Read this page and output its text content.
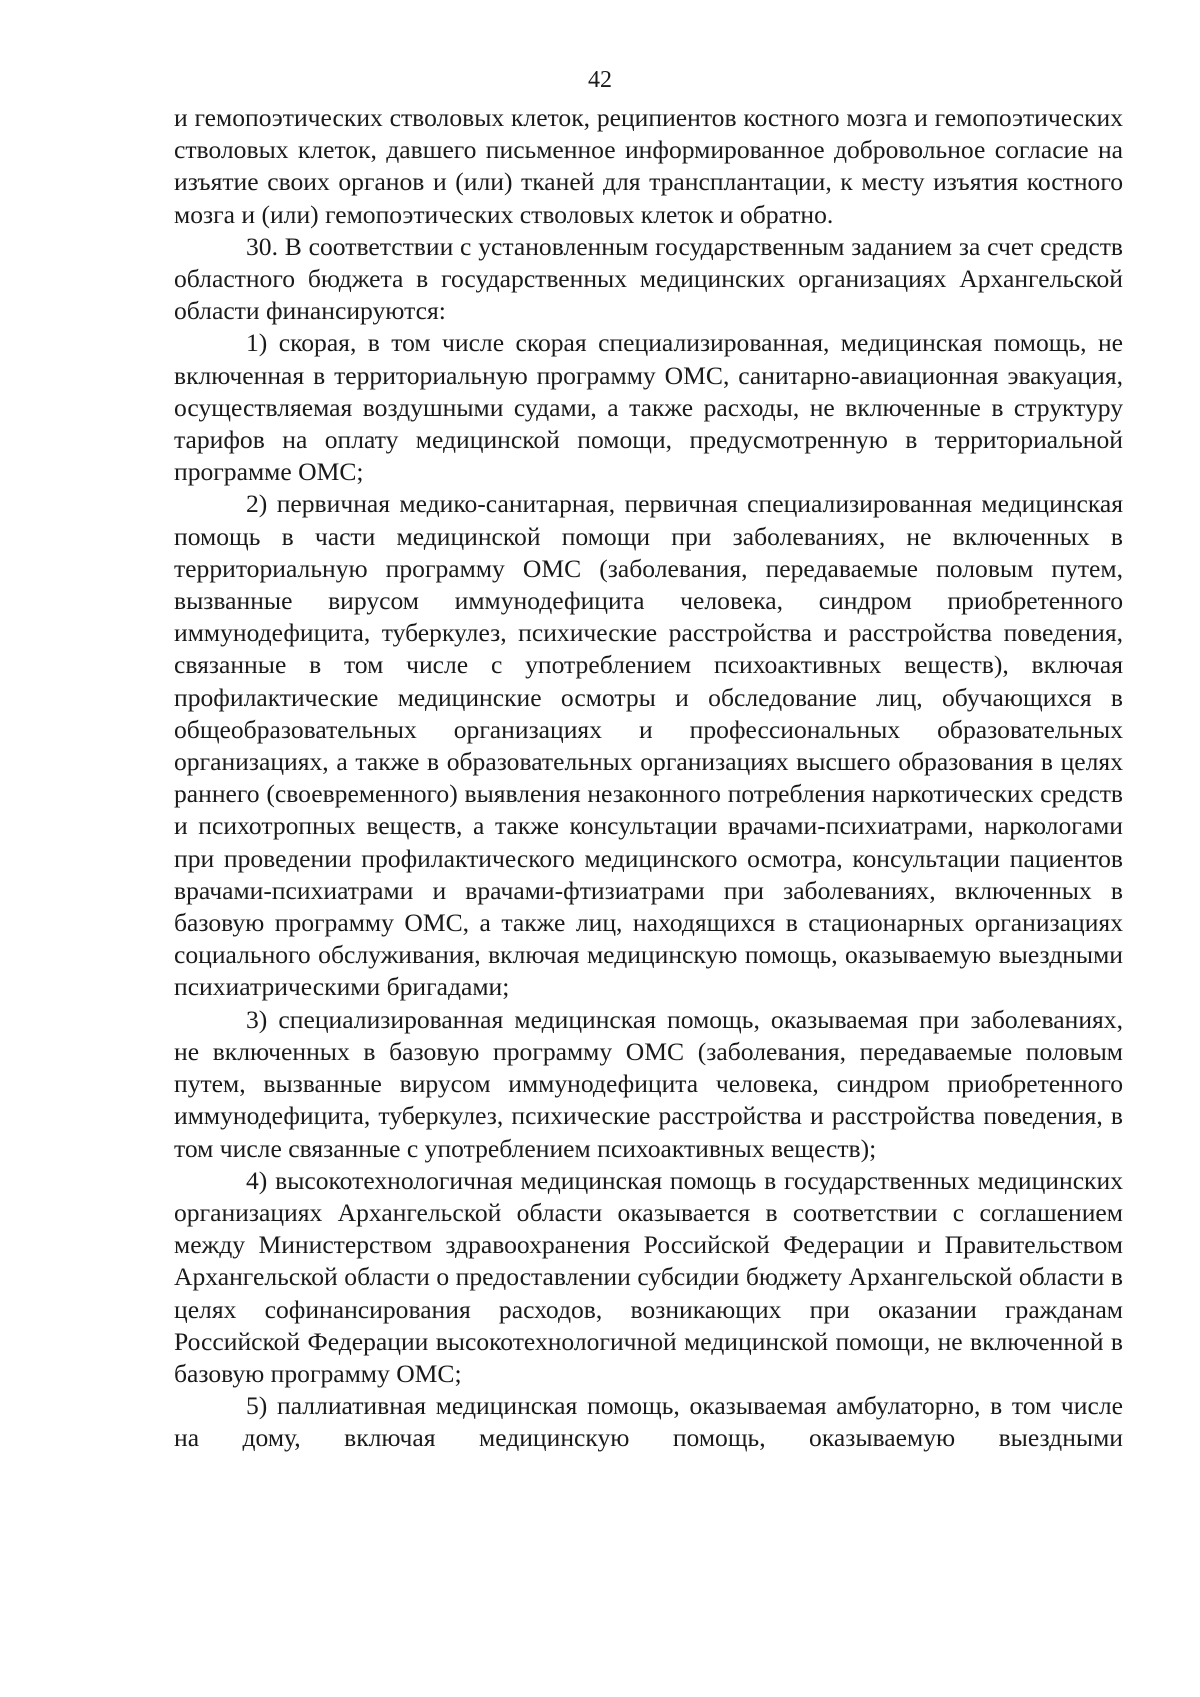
42

и гемопоэтических стволовых клеток, реципиентов костного мозга и гемопоэтических стволовых клеток, давшего письменное информированное добровольное согласие на изъятие своих органов и (или) тканей для трансплантации, к месту изъятия костного мозга и (или) гемопоэтических стволовых клеток и обратно.

30. В соответствии с установленным государственным заданием за счет средств областного бюджета в государственных медицинских организациях Архангельской области финансируются:

1) скорая, в том числе скорая специализированная, медицинская помощь, не включенная в территориальную программу ОМС, санитарно-авиационная эвакуация, осуществляемая воздушными судами, а также расходы, не включенные в структуру тарифов на оплату медицинской помощи, предусмотренную в территориальной программе ОМС;

2) первичная медико-санитарная, первичная специализированная медицинская помощь в части медицинской помощи при заболеваниях, не включенных в территориальную программу ОМС (заболевания, передаваемые половым путем, вызванные вирусом иммунодефицита человека, синдром приобретенного иммунодефицита, туберкулез, психические расстройства и расстройства поведения, связанные в том числе с употреблением психоактивных веществ), включая профилактические медицинские осмотры и обследование лиц, обучающихся в общеобразовательных организациях и профессиональных образовательных организациях, а также в образовательных организациях высшего образования в целях раннего (своевременного) выявления незаконного потребления наркотических средств и психотропных веществ, а также консультации врачами-психиатрами, наркологами при проведении профилактического медицинского осмотра, консультации пациентов врачами-психиатрами и врачами-фтизиатрами при заболеваниях, включенных в базовую программу ОМС, а также лиц, находящихся в стационарных организациях социального обслуживания, включая медицинскую помощь, оказываемую выездными психиатрическими бригадами;

3) специализированная медицинская помощь, оказываемая при заболеваниях, не включенных в базовую программу ОМС (заболевания, передаваемые половым путем, вызванные вирусом иммунодефицита человека, синдром приобретенного иммунодефицита, туберкулез, психические расстройства и расстройства поведения, в том числе связанные с употреблением психоактивных веществ);

4) высокотехнологичная медицинская помощь в государственных медицинских организациях Архангельской области оказывается в соответствии с соглашением между Министерством здравоохранения Российской Федерации и Правительством Архангельской области о предоставлении субсидии бюджету Архангельской области в целях софинансирования расходов, возникающих при оказании гражданам Российской Федерации высокотехнологичной медицинской помощи, не включенной в базовую программу ОМС;

5) паллиативная медицинская помощь, оказываемая амбулаторно, в том числе на дому, включая медицинскую помощь, оказываемую выездными
